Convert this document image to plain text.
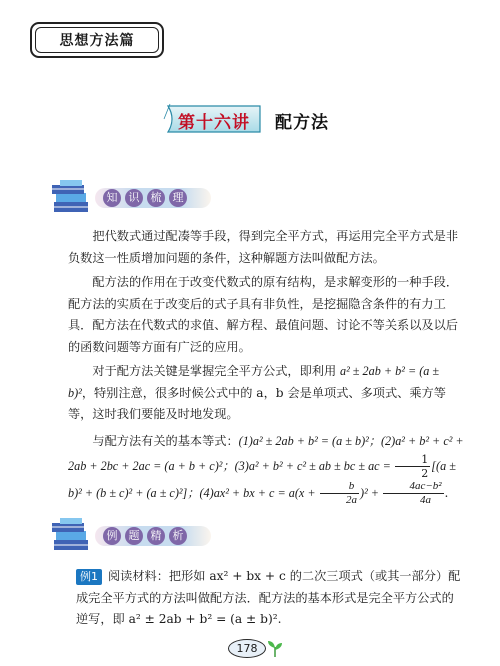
思想方法篇
第十六讲 配方法
知	识	梳	理

把代数式通过配凑等手段，得到完全平方式，再运用完全平方式是非负数这一性质增加问题的条件，这种解题方法叫做配方法。

配方法的作用在于改变代数式的原有结构，是求解变形的一种手段．配方法的实质在于改变后的式子具有非负性，是挖掘隐含条件的有力工具．配方法在代数式的求值、解方程、最值问题、讨论不等关系以及以后的函数问题等方面有广泛的应用。

对于配方法关键是掌握完全平方公式，即利用 a² ± 2ab + b² = (a ± b)²，特别注意，很多时候公式中的 a，b 会是单项式、多项式、乘方等等，这时我们要能及时地发现。

与配方法有关的基本等式：(1)a² ± 2ab + b² = (a ± b)²；(2)a² + b² + c² + 2ab + 2bc + 2ac = (a + b + c)²；(3)a² + b² + c² ± ab ± bc ± ac = $\frac{1}{2} [(a \pm b)^2 + (b \pm c)^2 + (a \pm c)^2]$；(4)ax² + bx + $c = a(x + \frac{b}{2a} )^2 + \frac{\text{4ac−b²}}{4a}$ .

例	题	精	析

例1 阅读材料：把形如 ax² + bx + c 的二次三项式（或其一部分）配成完全平方式的方法叫做配方法．配方法的基本形式是完全平方公式的逆写，即 a² ± 2ab + b² = (a ± b)².

178
